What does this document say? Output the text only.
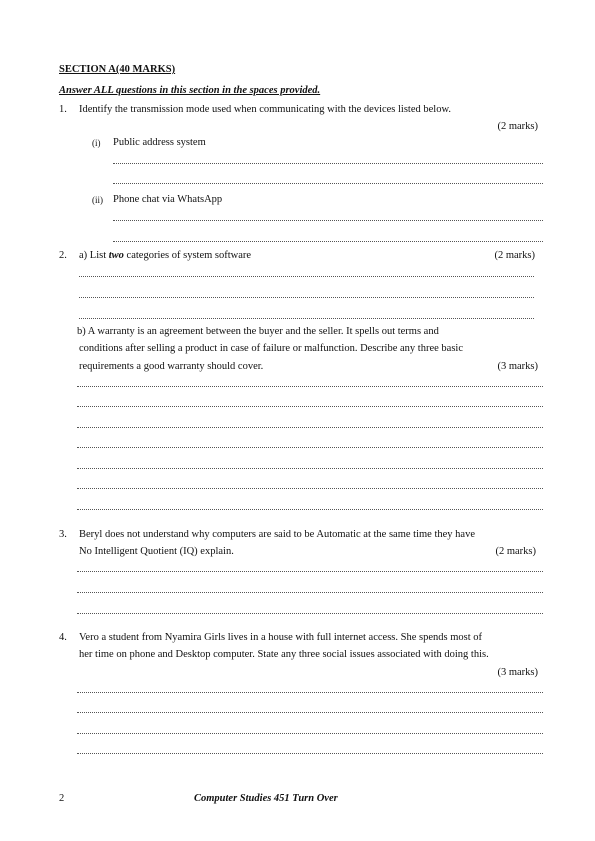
SECTION A(40 MARKS)
Answer ALL questions in this section in the spaces provided.
1. Identify the transmission mode used when communicating with the devices listed below.
(2 marks)
(i) Public address system
(ii) Phone chat via WhatsApp
2. a) List two categories of system software	(2 marks)
b) A warranty is an agreement between the buyer and the seller. It spells out terms and
conditions after selling a product in case of failure or malfunction. Describe any three basic
requirements a good warranty should cover.	(3 marks)
3. Beryl does not understand why computers are said to be Automatic at the same time they have
No Intelligent Quotient (IQ) explain.	(2 marks)
4. Vero a student from Nyamira Girls lives in a house with full internet access. She spends most of
her time on phone and Desktop computer. State any three social issues associated with doing this.
(3 marks)
2	Computer Studies 451 Turn Over
